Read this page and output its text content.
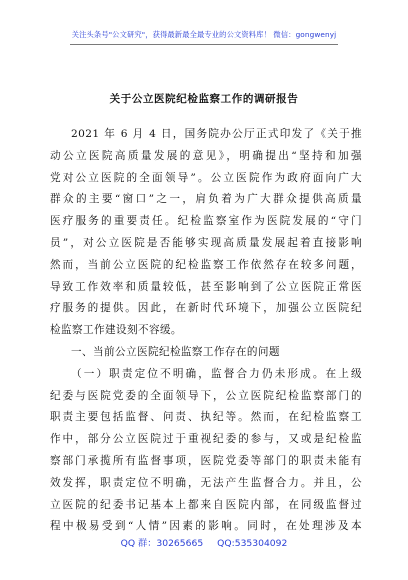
关注头条号"公文研究"，获得最新最全最专业的公文资料库！ 微信：gongwenyj
关于公立医院纪检监察工作的调研报告
2021 年 6 月 4 日，国务院办公厅正式印发了《关于推
动公立医院高质量发展的意见》，明确提出“坚持和加强
党对公立医院的全面领导”。公立医院作为政府面向广大
群众的主要“窗口”之一，肩负着为广大群众提供高质量
医疗服务的重要责任。纪检监察室作为医院发展的“守门
员”，对公立医院是否能够实现高质量发展起着直接影响
然而，当前公立医院的纪检监察工作依然存在较多问题，
导致工作效率和质量较低，甚至影响到了公立医院正常医
疗服务的提供。因此，在新时代环境下，加强公立医院纪
检监察工作建设刻不容缓。
一、当前公立医院纪检监察工作存在的问题
（一）职责定位不明确，监督合力仍未形成。在上级
纪委与医院党委的全面领导下，公立医院纪检监察部门的
职责主要包括监督、问责、执纪等。然而，在纪检监察工
作中，部分公立医院过于重视纪委的参与，又或是纪检监
察部门承揽所有监督事项，医院党委等部门的职责未能有
效发挥，职责定位不明确，无法产生监督合力。并且，公
立医院的纪委书记基本上都来自医院内部，在同级监督过
程中极易受到“人情”因素的影响。同时，在处理涉及本
QQ 群：30265665 QQ:535304092
